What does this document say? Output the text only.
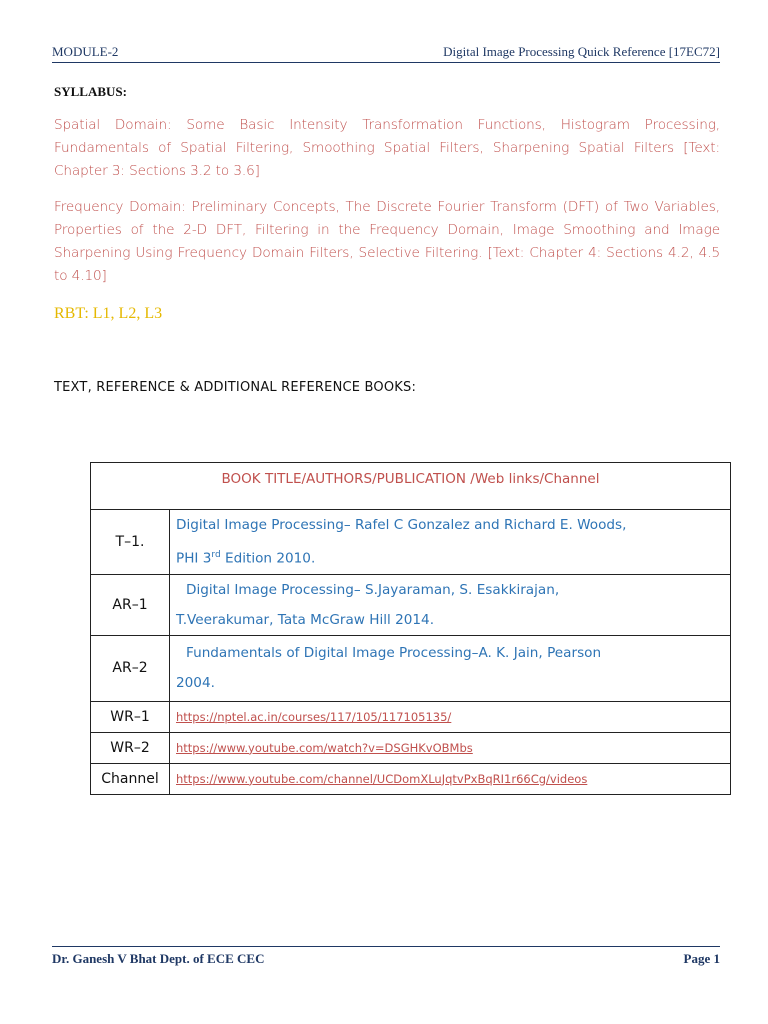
MODULE-2	Digital Image Processing Quick Reference [17EC72]
SYLLABUS:
Spatial Domain: Some Basic Intensity Transformation Functions, Histogram Processing, Fundamentals of Spatial Filtering, Smoothing Spatial Filters, Sharpening Spatial Filters [Text: Chapter 3: Sections 3.2 to 3.6]
Frequency Domain: Preliminary Concepts, The Discrete Fourier Transform (DFT) of Two Variables, Properties of the 2-D DFT, Filtering in the Frequency Domain, Image Smoothing and Image Sharpening Using Frequency Domain Filters, Selective Filtering. [Text: Chapter 4: Sections 4.2, 4.5 to 4.10]
RBT: L1, L2, L3
TEXT, REFERENCE & ADDITIONAL REFERENCE BOOKS:
BOOK TITLE/AUTHORS/PUBLICATION /Web links/Channel	
T–1.	Digital Image Processing– Rafel C Gonzalez and Richard E. Woods,
PHI 3rd Edition 2010.
AR–1	Digital Image Processing– S.Jayaraman, S. Esakkirajan,
T.Veerakumar, Tata McGraw Hill 2014.
AR–2	Fundamentals of Digital Image Processing–A. K. Jain, Pearson
2004.
WR–1	https://nptel.ac.in/courses/117/105/117105135/
WR–2	https://www.youtube.com/watch?v=DSGHKvOBMbs
Channel	https://www.youtube.com/channel/UCDomXLuJqtvPxBqRI1r66Cg/videos
Dr. Ganesh V Bhat Dept. of ECE CEC	Page 1
